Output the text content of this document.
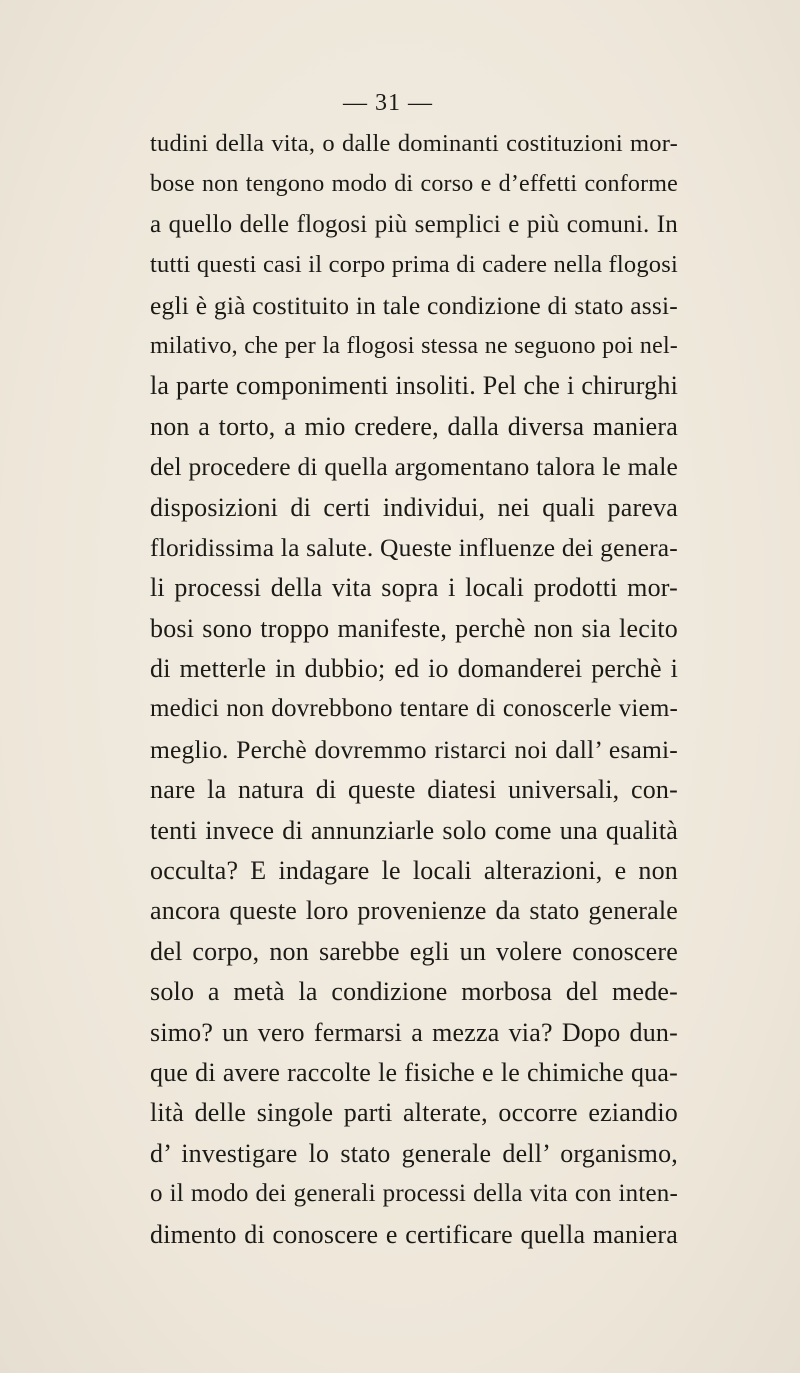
— 31 —
tudini della vita, o dalle dominanti costituzioni mor-
bose non tengono modo di corso e d’effetti conforme
a quello delle flogosi più semplici e più comuni. In
tutti questi casi il corpo prima di cadere nella flogosi
egli è già costituito in tale condizione di stato assi-
milativo, che per la flogosi stessa ne seguono poi nel-
la parte componimenti insoliti. Pel che i chirurghi
non a torto, a mio credere, dalla diversa maniera
del procedere di quella argomentano talora le male
disposizioni di certi individui, nei quali pareva
floridissima la salute. Queste influenze dei genera-
li processi della vita sopra i locali prodotti mor-
bosi sono troppo manifeste, perchè non sia lecito
di metterle in dubbio; ed io domanderei perchè i
medici non dovrebbono tentare di conoscerle viem-
meglio. Perchè dovremmo ristarci noi dall’ esami-
nare la natura di queste diatesi universali, con-
tenti invece di annunziarle solo come una qualità
occulta? E indagare le locali alterazioni, e non
ancora queste loro provenienze da stato generale
del corpo, non sarebbe egli un volere conoscere
solo a metà la condizione morbosa del mede-
simo? un vero fermarsi a mezza via? Dopo dun-
que di avere raccolte le fisiche e le chimiche qua-
lità delle singole parti alterate, occorre eziandio
d’ investigare lo stato generale dell’ organismo,
o il modo dei generali processi della vita con inten-
dimento di conoscere e certificare quella maniera
